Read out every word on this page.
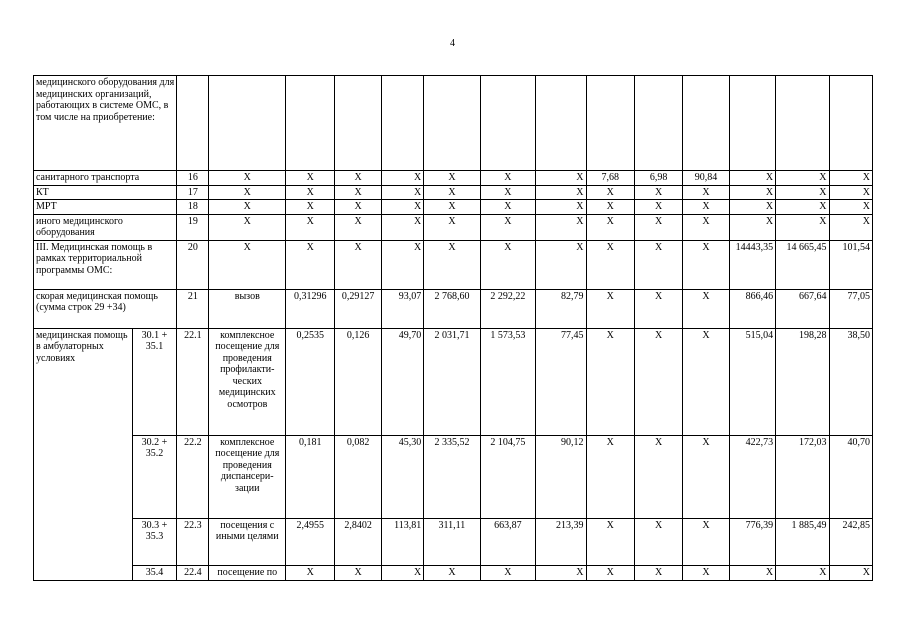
4
медицинского оборудования для медицинских организаций, работающих в системе ОМС, в том числе на приобретение:															
санитарного транспорта		16	X	X	X	X	X	X	X	7,68	6,98	90,84	X	X	X
КТ		17	X	X	X	X	X	X	X	X	X	X	X	X	X
МРТ		18	X	X	X	X	X	X	X	X	X	X	X	X	X
иного медицинского оборудования		19	X	X	X	X	X	X	X	X	X	X	X	X	X
III. Медицинская помощь в рамках территориальной программы ОМС:		20	X	X	X	X	X	X	X	X	X	X	14443,35	14 665,45	101,54
скорая медицинская помощь (сумма строк 29 +34)		21	вызов	0,31296	0,29127	93,07	2 768,60	2 292,22	82,79	X	X	X	866,46	667,64	77,05
медицинская помощь в амбулаторных условиях	30.1 + 35.1	22.1	комплексное посещение для проведения профилакти-ческих медицинских осмотров	0,2535	0,126	49,70	2 031,71	1 573,53	77,45	X	X	X	515,04	198,28	38,50
	30.2 + 35.2	22.2	комплексное посещение для проведения диспансери-зации	0,181	0,082	45,30	2 335,52	2 104,75	90,12	X	X	X	422,73	172,03	40,70
	30.3 + 35.3	22.3	посещения с иными целями	2,4955	2,8402	113,81	311,11	663,87	213,39	X	X	X	776,39	1 885,49	242,85
	35.4	22.4	посещение по	X	X	X	X	X	X	X	X	X	X	X	X
